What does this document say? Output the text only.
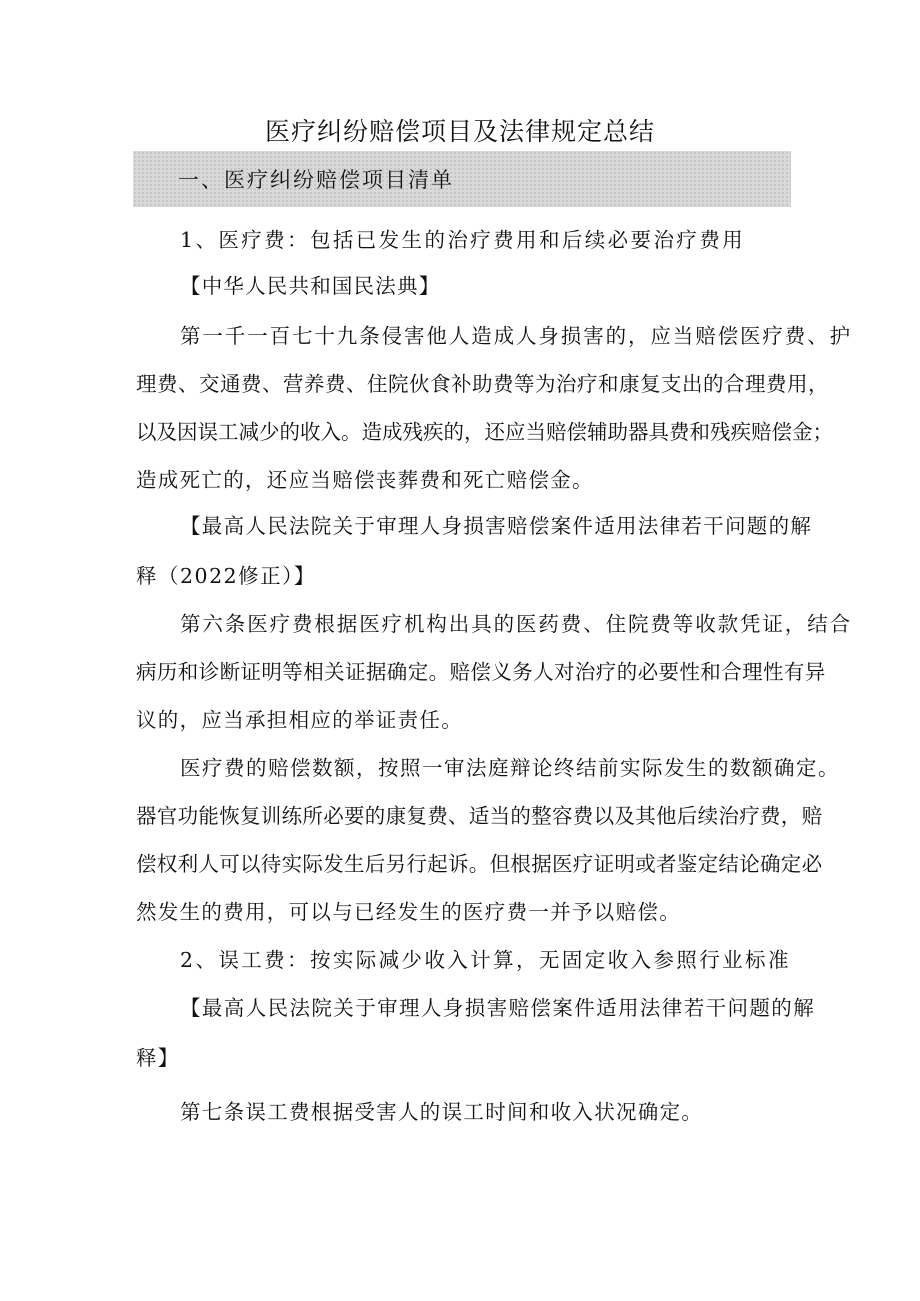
医疗纠纷赔偿项目及法律规定总结
一、医疗纠纷赔偿项目清单
1、医疗费：包括已发生的治疗费用和后续必要治疗费用
【中华人民共和国民法典】
第一千一百七十九条侵害他人造成人身损害的，应当赔偿医疗费、护
理费、交通费、营养费、住院伙食补助费等为治疗和康复支出的合理费用，
以及因误工减少的收入。造成残疾的，还应当赔偿辅助器具费和残疾赔偿金；
造成死亡的，还应当赔偿丧葬费和死亡赔偿金。
【最高人民法院关于审理人身损害赔偿案件适用法律若干问题的解
释（2022修正）】
第六条医疗费根据医疗机构出具的医药费、住院费等收款凭证，结合
病历和诊断证明等相关证据确定。赔偿义务人对治疗的必要性和合理性有异
议的，应当承担相应的举证责任。
医疗费的赔偿数额，按照一审法庭辩论终结前实际发生的数额确定。
器官功能恢复训练所必要的康复费、适当的整容费以及其他后续治疗费，赔
偿权利人可以待实际发生后另行起诉。但根据医疗证明或者鉴定结论确定必
然发生的费用，可以与已经发生的医疗费一并予以赔偿。
2、误工费：按实际减少收入计算，无固定收入参照行业标准
【最高人民法院关于审理人身损害赔偿案件适用法律若干问题的解
释】
第七条误工费根据受害人的误工时间和收入状况确定。
